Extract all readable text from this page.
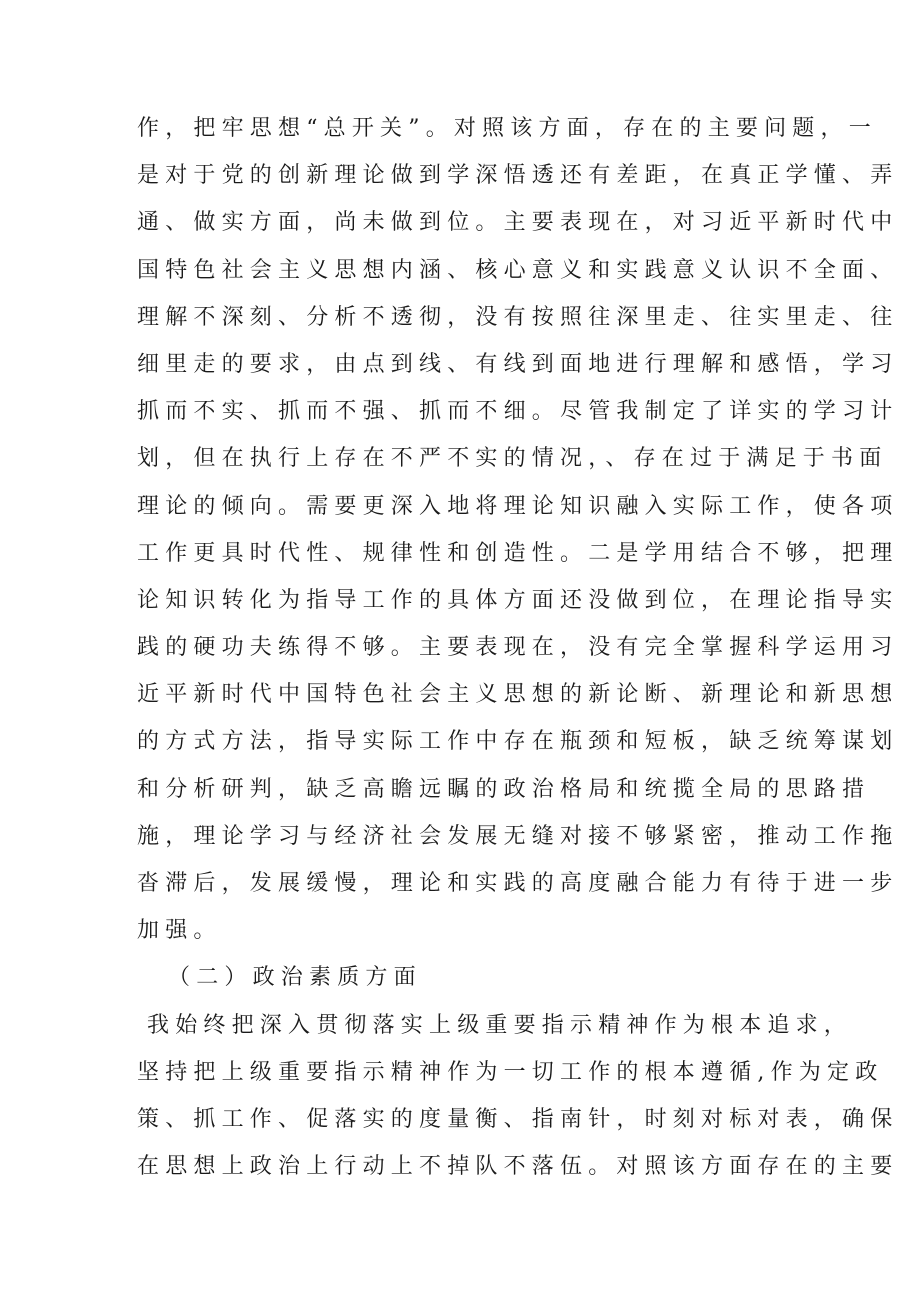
作，把牢思想“总开关”。对照该方面，存在的主要问题，一
是对于党的创新理论做到学深悟透还有差距，在真正学懂、弄
通、做实方面，尚未做到位。主要表现在，对习近平新时代中
国特色社会主义思想内涵、核心意义和实践意义认识不全面、
理解不深刻、分析不透彻，没有按照往深里走、往实里走、往
细里走的要求，由点到线、有线到面地进行理解和感悟，学习
抓而不实、抓而不强、抓而不细。尽管我制定了详实的学习计
划，但在执行上存在不严不实的情况，、存在过于满足于书面
理论的倾向。需要更深入地将理论知识融入实际工作，使各项
工作更具时代性、规律性和创造性。二是学用结合不够，把理
论知识转化为指导工作的具体方面还没做到位，在理论指导实
践的硬功夫练得不够。主要表现在，没有完全掌握科学运用习
近平新时代中国特色社会主义思想的新论断、新理论和新思想
的方式方法，指导实际工作中存在瓶颈和短板，缺乏统筹谋划
和分析研判，缺乏高瞻远瞩的政治格局和统揽全局的思路措
施，理论学习与经济社会发展无缝对接不够紧密，推动工作拖
沓滞后，发展缓慢，理论和实践的高度融合能力有待于进一步
加强。
（二）政治素质方面
我始终把深入贯彻落实上级重要指示精神作为根本追求，
坚持把上级重要指示精神作为一切工作的根本遵循,作为定政
策、抓工作、促落实的度量衡、指南针，时刻对标对表，确保
在思想上政治上行动上不掉队不落伍。对照该方面存在的主要
